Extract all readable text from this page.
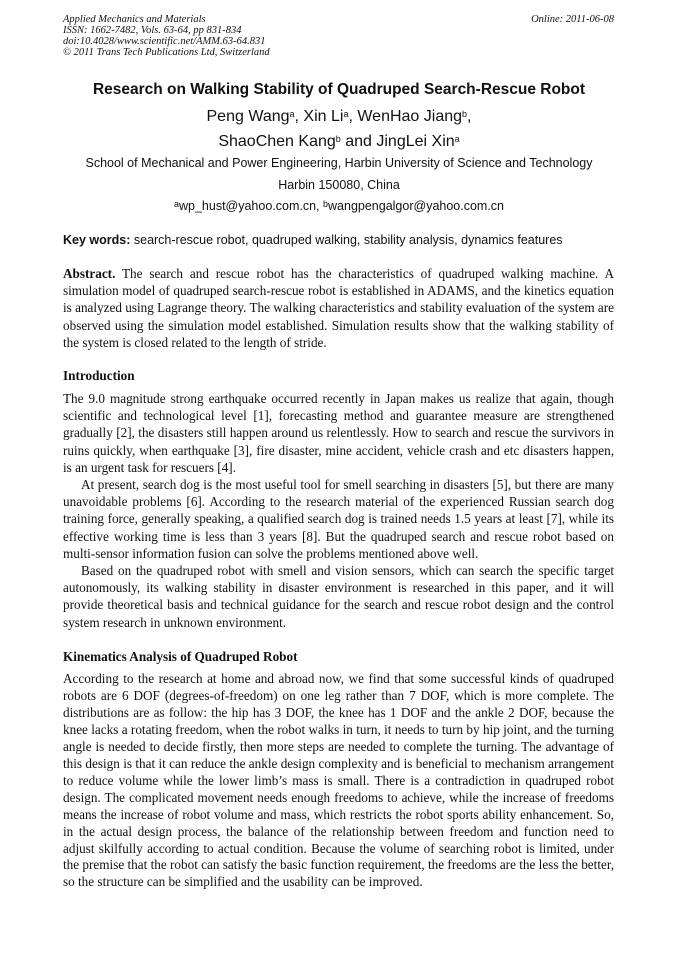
Applied Mechanics and Materials
ISSN: 1662-7482, Vols. 63-64, pp 831-834
doi:10.4028/www.scientific.net/AMM.63-64.831
© 2011 Trans Tech Publications Ltd, Switzerland
Online: 2011-06-08
Research on Walking Stability of Quadruped Search-Rescue Robot
Peng Wang$^a$, Xin Li$^a$, WenHao Jiang$^b$,
ShaoChen Kang$^b$ and JingLei Xin$^a$
School of Mechanical and Power Engineering, Harbin University of Science and Technology
Harbin 150080, China
$^a$wp_hust@yahoo.com.cn, $^b$wangpengalgor@yahoo.com.cn
Key words: search-rescue robot, quadruped walking, stability analysis, dynamics features

Abstract. The search and rescue robot has the characteristics of quadruped walking machine. A simulation model of quadruped search-rescue robot is established in ADAMS, and the kinetics equation is analyzed using Lagrange theory. The walking characteristics and stability evaluation of the system are observed using the simulation model established. Simulation results show that the walking stability of the system is closed related to the length of stride.

Introduction

The 9.0 magnitude strong earthquake occurred recently in Japan makes us realize that again, though scientific and technological level [1], forecasting method and guarantee measure are strengthened gradually [2], the disasters still happen around us relentlessly. How to search and rescue the survivors in ruins quickly, when earthquake [3], fire disaster, mine accident, vehicle crash and etc disasters happen, is an urgent task for rescuers [4].

At present, search dog is the most useful tool for smell searching in disasters [5], but there are many unavoidable problems [6]. According to the research material of the experienced Russian search dog training force, generally speaking, a qualified search dog is trained needs 1.5 years at least [7], while its effective working time is less than 3 years [8]. But the quadruped search and rescue robot based on multi-sensor information fusion can solve the problems mentioned above well.

Based on the quadruped robot with smell and vision sensors, which can search the specific target autonomously, its walking stability in disaster environment is researched in this paper, and it will provide theoretical basis and technical guidance for the search and rescue robot design and the control system research in unknown environment.

Kinematics Analysis of Quadruped Robot

According to the research at home and abroad now, we find that some successful kinds of quadruped robots are 6 DOF (degrees-of-freedom) on one leg rather than 7 DOF, which is more complete. The distributions are as follow: the hip has 3 DOF, the knee has 1 DOF and the ankle 2 DOF, because the knee lacks a rotating freedom, when the robot walks in turn, it needs to turn by hip joint, and the turning angle is needed to decide firstly, then more steps are needed to complete the turning. The advantage of this design is that it can reduce the ankle design complexity and is beneficial to mechanism arrangement to reduce volume while the lower limb’s mass is small. There is a contradiction in quadruped robot design. The complicated movement needs enough freedoms to achieve, while the increase of freedoms means the increase of robot volume and mass, which restricts the robot sports ability enhancement. So, in the actual design process, the balance of the relationship between freedom and function need to adjust skilfully according to actual condition. Because the volume of searching robot is limited, under the premise that the robot can satisfy the basic function requirement, the freedoms are the less the better, so the structure can be simplified and the usability can be improved.
